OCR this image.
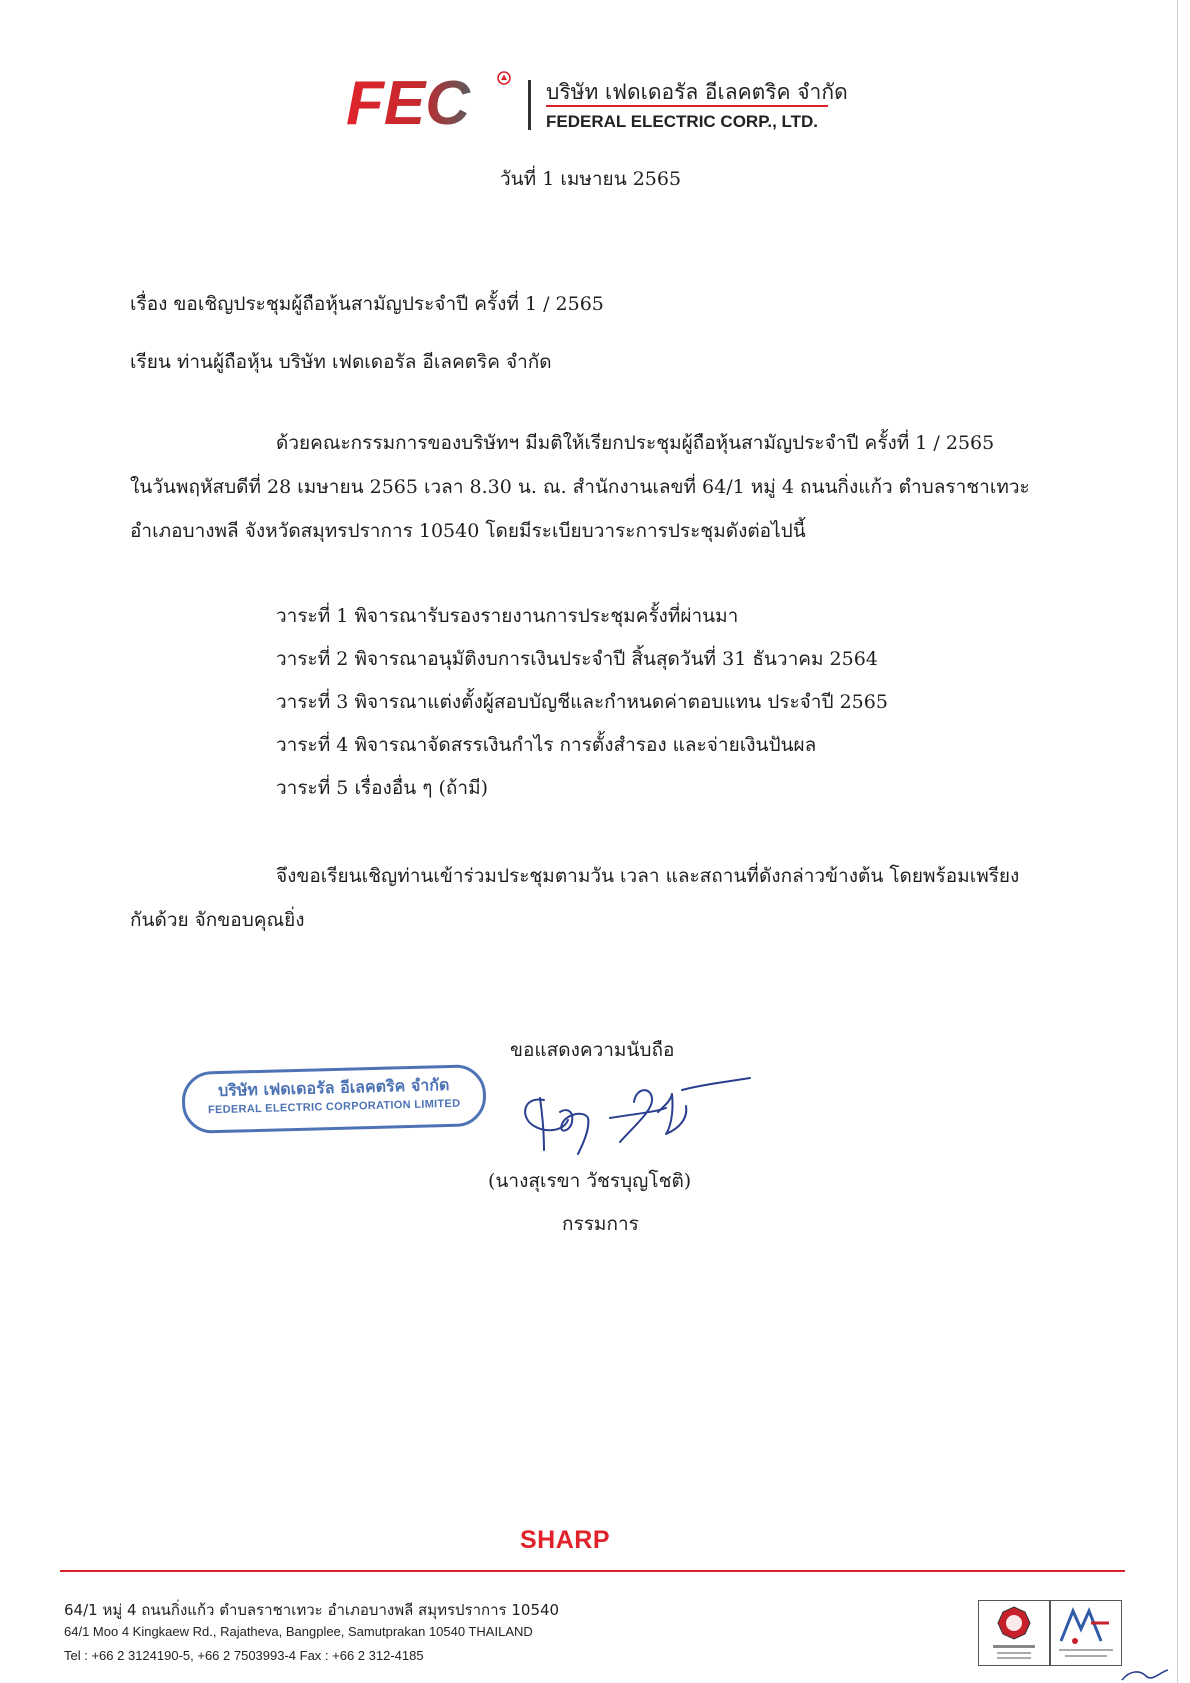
FEC	บริษัท เฟดเดอรัล อีเลคตริค จำกัด
FEDERAL ELECTRIC CORP., LTD.
วันที่ 1 เมษายน 2565
เรื่อง ขอเชิญประชุมผู้ถือหุ้นสามัญประจำปี ครั้งที่ 1 / 2565
เรียน ท่านผู้ถือหุ้น บริษัท เฟดเดอรัล อีเลคตริค จำกัด
ด้วยคณะกรรมการของบริษัทฯ มีมติให้เรียกประชุมผู้ถือหุ้นสามัญประจำปี ครั้งที่ 1 / 2565
ในวันพฤหัสบดีที่ 28 เมษายน 2565 เวลา 8.30 น. ณ. สำนักงานเลขที่ 64/1 หมู่ 4 ถนนกิ่งแก้ว ตำบลราชาเทวะ
อำเภอบางพลี จังหวัดสมุทรปราการ 10540 โดยมีระเบียบวาระการประชุมดังต่อไปนี้
วาระที่ 1 พิจารณารับรองรายงานการประชุมครั้งที่ผ่านมา
วาระที่ 2 พิจารณาอนุมัติงบการเงินประจำปี สิ้นสุดวันที่ 31 ธันวาคม 2564
วาระที่ 3 พิจารณาแต่งตั้งผู้สอบบัญชีและกำหนดค่าตอบแทน ประจำปี 2565
วาระที่ 4 พิจารณาจัดสรรเงินกำไร การตั้งสำรอง และจ่ายเงินปันผล
วาระที่ 5 เรื่องอื่น ๆ (ถ้ามี)
จึงขอเรียนเชิญท่านเข้าร่วมประชุมตามวัน เวลา และสถานที่ดังกล่าวข้างต้น โดยพร้อมเพรียง
กันด้วย จักขอบคุณยิ่ง
ขอแสดงความนับถือ
บริษัท เฟดเดอรัล อีเลคตริค จำกัด
FEDERAL ELECTRIC CORPORATION LIMITED
(นางสุเรขา วัชรบุญโชติ)
กรรมการ
SHARP
64/1 หมู่ 4 ถนนกิ่งแก้ว ตำบลราชาเทวะ อำเภอบางพลี สมุทรปราการ 10540
64/1 Moo 4 Kingkaew Rd., Rajatheva, Bangplee, Samutprakan 10540 THAILAND
Tel : +66 2 3124190-5, +66 2 7503993-4 Fax : +66 2 312-4185
